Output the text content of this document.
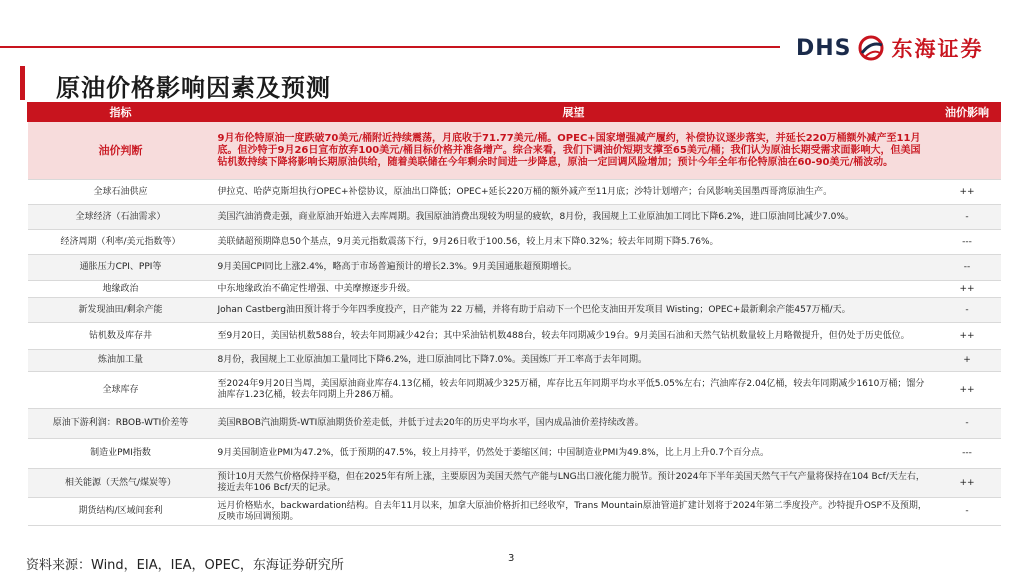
DHS 东海证券
原油价格影响因素及预测
指标	展望	油价影响
油价判断	9月布伦特原油一度跌破70美元/桶附近持续震荡，月底收于71.77美元/桶。OPEC+国家增强减产履约，补偿协议逐步落实，并延长220万桶额外减产至11月底。但沙特于9月26日宣布放弃100美元/桶目标价格并准备增产。综合来看，我们下调油价短期支撑至65美元/桶；我们认为原油长期受需求面影响大，但美国钻机数持续下降将影响长期原油供给，随着美联储在今年剩余时间进一步降息，原油一定回调风险增加；预计今年全年布伦特原油在60-90美元/桶波动。	
全球石油供应	伊拉克、哈萨克斯坦执行OPEC+补偿协议，原油出口降低；OPEC+延长220万桶的额外减产至11月底；沙特计划增产；台风影响美国墨西哥湾原油生产。	++
全球经济（石油需求）	美国汽油消费走强，商业原油开始进入去库周期。我国原油消费出现较为明显的疲软，8月份，我国规上工业原油加工同比下降6.2%，进口原油同比减少7.0%。	-
经济周期（利率/美元指数等）	美联储超预期降息50个基点，9月美元指数震荡下行，9月26日收于100.56，较上月末下降0.32%；较去年同期下降5.76%。	---
通胀压力CPI、PPI等	9月美国CPI同比上涨2.4%，略高于市场普遍预计的增长2.3%。9月美国通胀超预期增长。	--
地缘政治	中东地缘政治不确定性增强、中美摩擦逐步升级。	++
新发现油田/剩余产能	Johan Castberg油田预计将于今年四季度投产，日产能为 22 万桶，并将有助于启动下一个巴伦支油田开发项目 Wisting；OPEC+最新剩余产能457万桶/天。	-
钻机数及库存井	至9月20日，美国钻机数588台，较去年同期减少42台；其中采油钻机数488台，较去年同期减少19台。9月美国石油和天然气钻机数量较上月略微提升，但仍处于历史低位。	++
炼油加工量	8月份，我国规上工业原油加工量同比下降6.2%，进口原油同比下降7.0%。美国炼厂开工率高于去年同期。	+
全球库存	至2024年9月20日当周，美国原油商业库存4.13亿桶，较去年同期减少325万桶，库存比五年同期平均水平低5.05%左右；汽油库存2.04亿桶，较去年同期减少1610万桶；馏分油库存1.23亿桶，较去年同期上升286万桶。	++
原油下游利润：RBOB-WTI价差等	美国RBOB汽油期货-WTI原油期货价差走低，并低于过去20年的历史平均水平，国内成品油价差持续改善。	-
制造业PMI指数	9月美国制造业PMI为47.2%，低于预期的47.5%，较上月持平，仍然处于萎缩区间；中国制造业PMI为49.8%，比上月上升0.7个百分点。	---
相关能源（天然气/煤炭等）	预计10月天然气价格保持平稳，但在2025年有所上涨，主要原因为美国天然气产能与LNG出口液化能力脱节。预计2024年下半年美国天然气干气产量将保持在104 Bcf/天左右，接近去年106 Bcf/天的记录。	++
期货结构/区域间套利	远月价格贴水，backwardation结构。自去年11月以来，加拿大原油价格折扣已经收窄，Trans Mountain原油管道扩建计划将于2024年第二季度投产。沙特提升OSP不及预期，反映市场回调预期。	-
资料来源：Wind，EIA，IEA，OPEC，东海证券研究所	3
